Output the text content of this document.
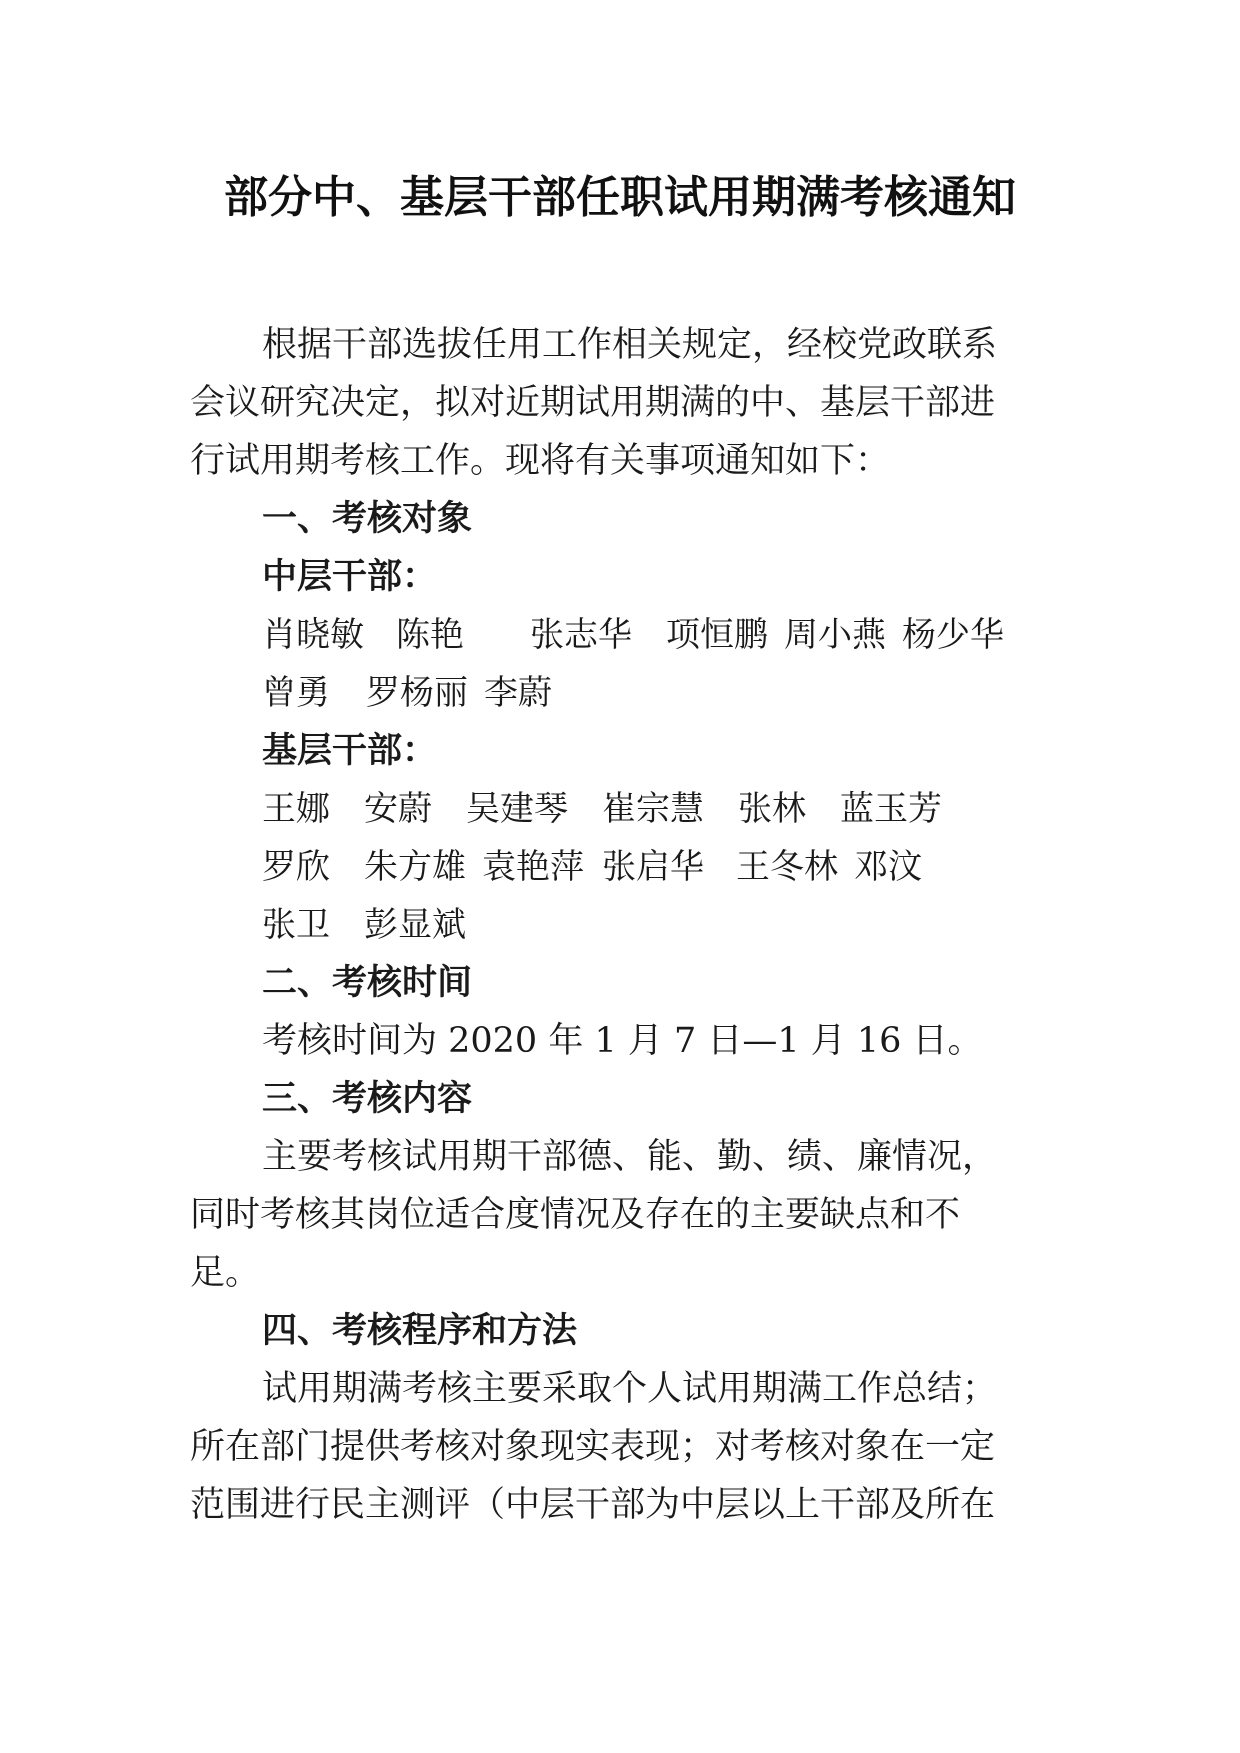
部分中、基层干部任职试用期满考核通知

根据干部选拔任用工作相关规定，经校党政联系

会议研究决定，拟对近期试用期满的中、基层干部进

行试用期考核工作。现将有关事项通知如下：

一、考核对象

中层干部：

肖晓敏 陈艳 张志华 项恒鹏 周小燕 杨少华

曾勇 罗杨丽 李蔚

基层干部：

王娜 安蔚 吴建琴 崔宗慧 张林 蓝玉芳

罗欣 朱方雄 袁艳萍 张启华 王冬林 邓汶

张卫 彭显斌

二、考核时间

考核时间为 2020 年 1 月 7 日—1 月 16 日。

三、考核内容

主要考核试用期干部德、能、勤、绩、廉情况，

同时考核其岗位适合度情况及存在的主要缺点和不

足。

四、考核程序和方法

试用期满考核主要采取个人试用期满工作总结；

所在部门提供考核对象现实表现；对考核对象在一定

范围进行民主测评（中层干部为中层以上干部及所在
